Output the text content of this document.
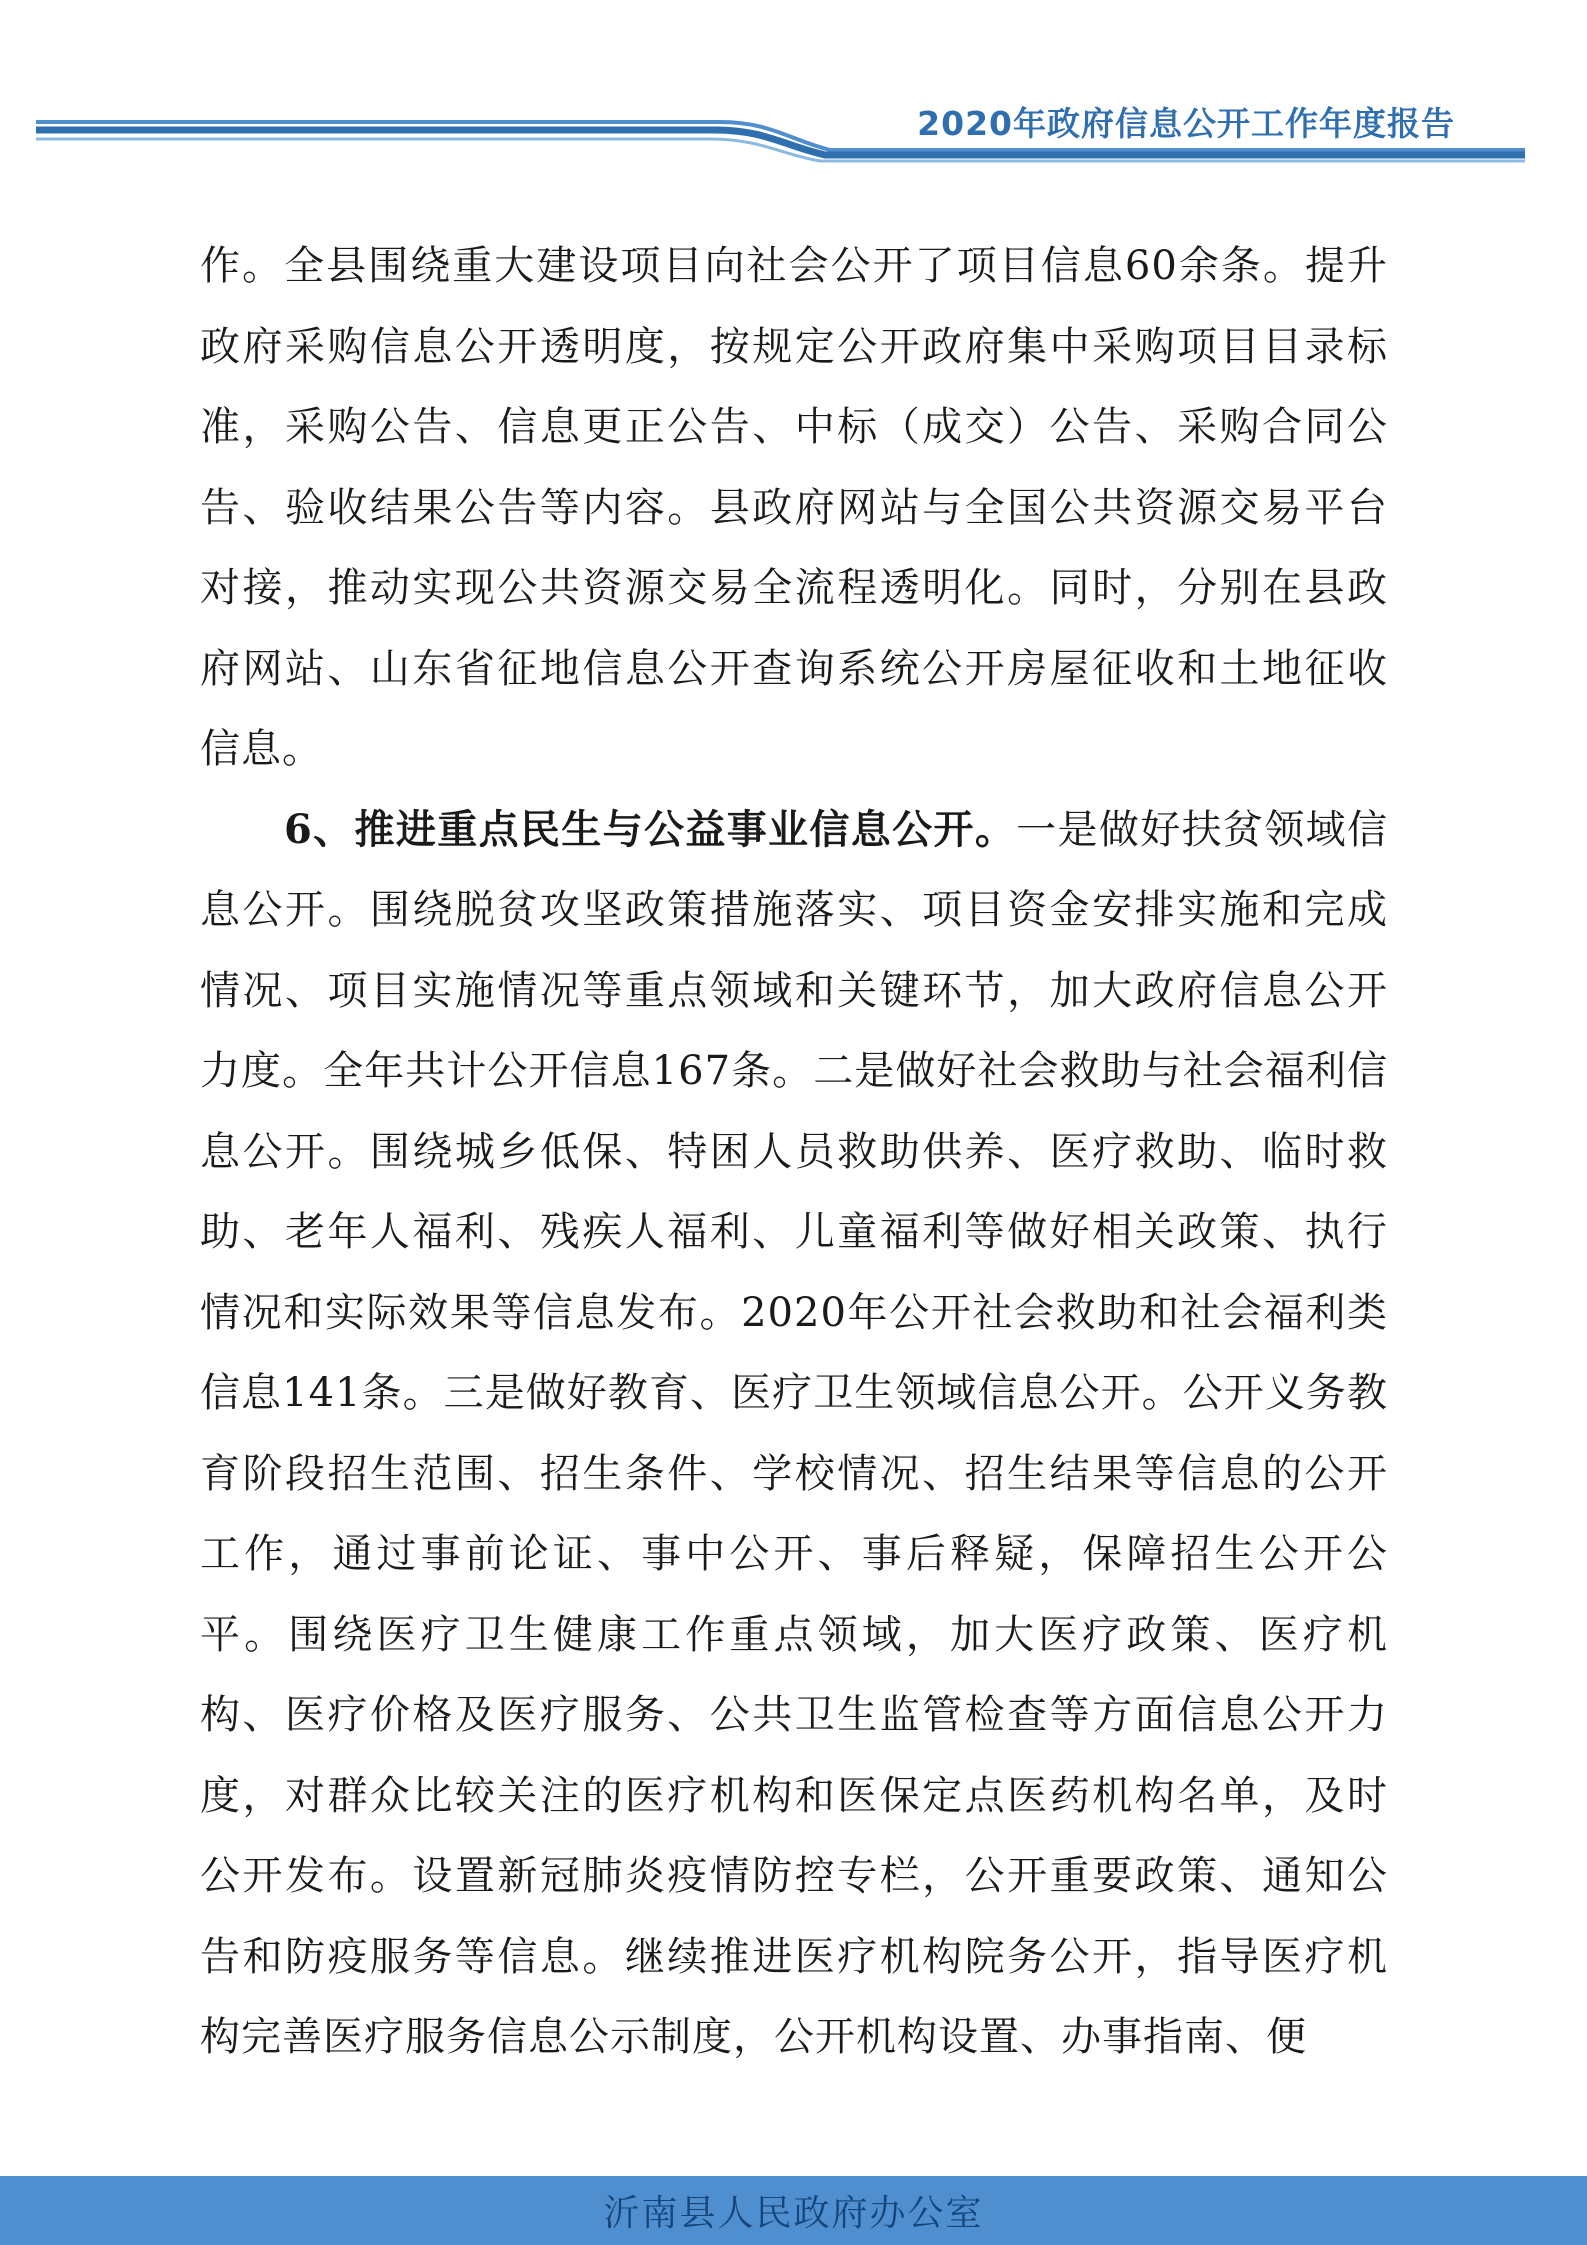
2020年政府信息公开工作年度报告

作。全县围绕重大建设项目向社会公开了项目信息60余条。提升政府采购信息公开透明度，按规定公开政府集中采购项目目录标准，采购公告、信息更正公告、中标（成交）公告、采购合同公告、验收结果公告等内容。县政府网站与全国公共资源交易平台对接，推动实现公共资源交易全流程透明化。同时，分别在县政府网站、山东省征地信息公开查询系统公开房屋征收和土地征收信息。

6、推进重点民生与公益事业信息公开。一是做好扶贫领域信息公开。围绕脱贫攻坚政策措施落实、项目资金安排实施和完成情况、项目实施情况等重点领域和关键环节，加大政府信息公开力度。全年共计公开信息167条。二是做好社会救助与社会福利信息公开。围绕城乡低保、特困人员救助供养、医疗救助、临时救助、老年人福利、残疾人福利、儿童福利等做好相关政策、执行情况和实际效果等信息发布。2020年公开社会救助和社会福利类信息141条。三是做好教育、医疗卫生领域信息公开。公开义务教育阶段招生范围、招生条件、学校情况、招生结果等信息的公开工作，通过事前论证、事中公开、事后释疑，保障招生公开公平。围绕医疗卫生健康工作重点领域，加大医疗政策、医疗机构、医疗价格及医疗服务、公共卫生监管检查等方面信息公开力度，对群众比较关注的医疗机构和医保定点医药机构名单，及时公开发布。设置新冠肺炎疫情防控专栏，公开重要政策、通知公告和防疫服务等信息。继续推进医疗机构院务公开，指导医疗机构完善医疗服务信息公示制度，公开机构设置、办事指南、便

沂南县人民政府办公室
